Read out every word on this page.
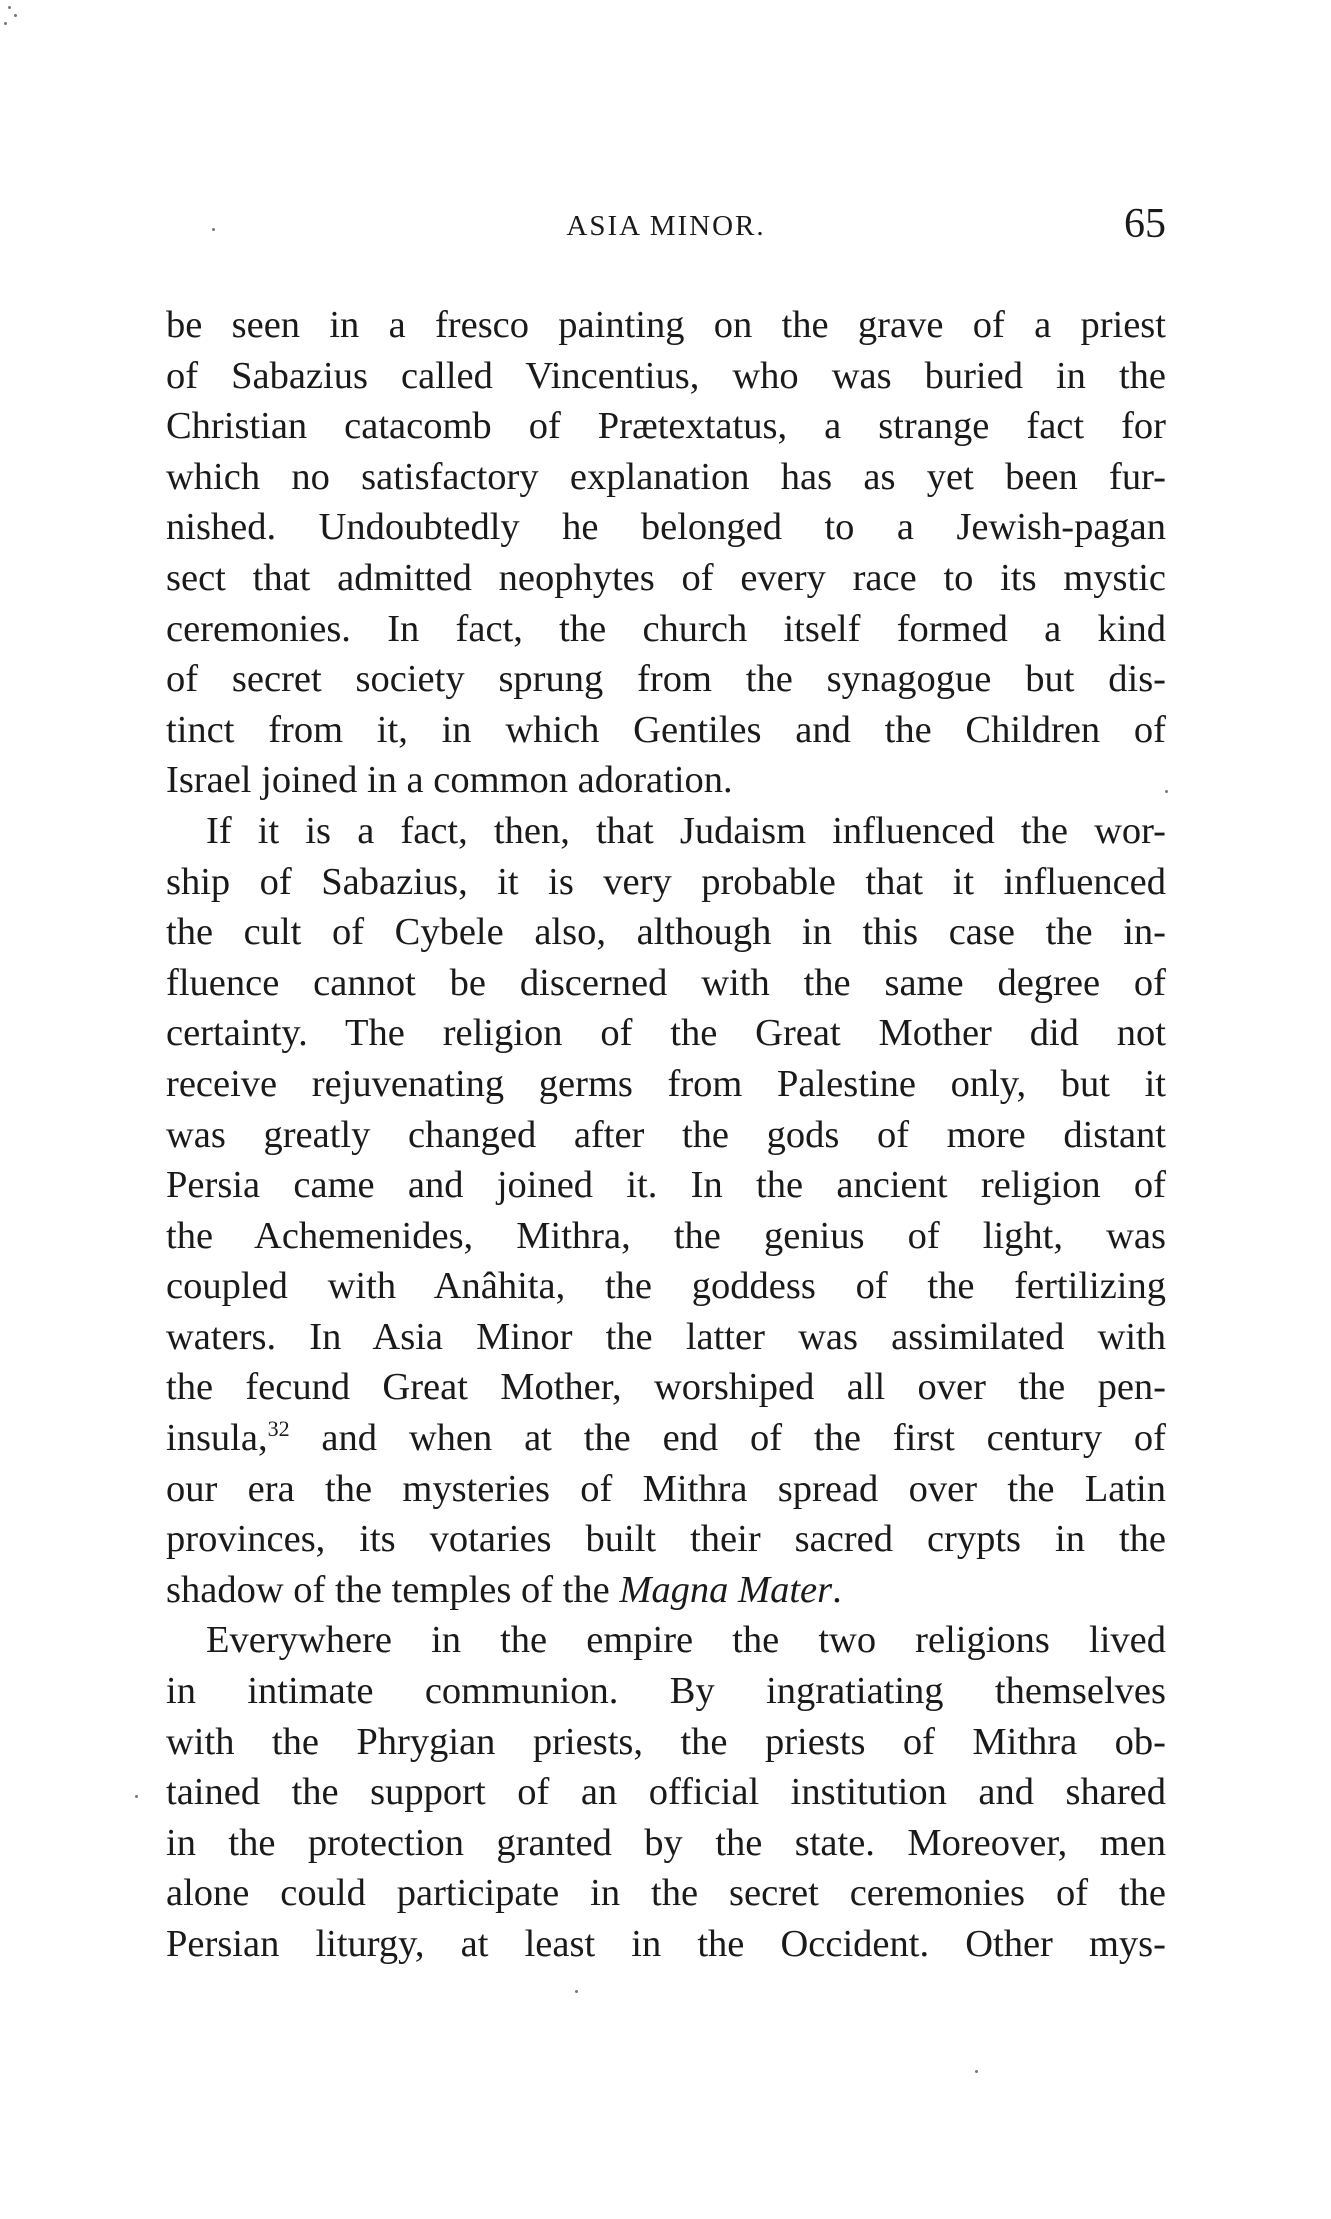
ASIA MINOR.	65
be seen in a fresco painting on the grave of a priest
of Sabazius called Vincentius, who was buried in the
Christian catacomb of Prætextatus, a strange fact for
which no satisfactory explanation has as yet been fur-
nished. Undoubtedly he belonged to a Jewish-pagan
sect that admitted neophytes of every race to its mystic
ceremonies. In fact, the church itself formed a kind
of secret society sprung from the synagogue but dis-
tinct from it, in which Gentiles and the Children of
Israel joined in a common adoration.
If it is a fact, then, that Judaism influenced the wor-
ship of Sabazius, it is very probable that it influenced
the cult of Cybele also, although in this case the in-
fluence cannot be discerned with the same degree of
certainty. The religion of the Great Mother did not
receive rejuvenating germs from Palestine only, but it
was greatly changed after the gods of more distant
Persia came and joined it. In the ancient religion of
the Achemenides, Mithra, the genius of light, was
coupled with Anâhita, the goddess of the fertilizing
waters. In Asia Minor the latter was assimilated with
the fecund Great Mother, worshiped all over the pen-
insula,$^{32}$ and when at the end of the first century of
our era the mysteries of Mithra spread over the Latin
provinces, its votaries built their sacred crypts in the
shadow of the temples of the Magna Mater.
Everywhere in the empire the two religions lived
in intimate communion. By ingratiating themselves
with the Phrygian priests, the priests of Mithra ob-
tained the support of an official institution and shared
in the protection granted by the state. Moreover, men
alone could participate in the secret ceremonies of the
Persian liturgy, at least in the Occident. Other mys-
